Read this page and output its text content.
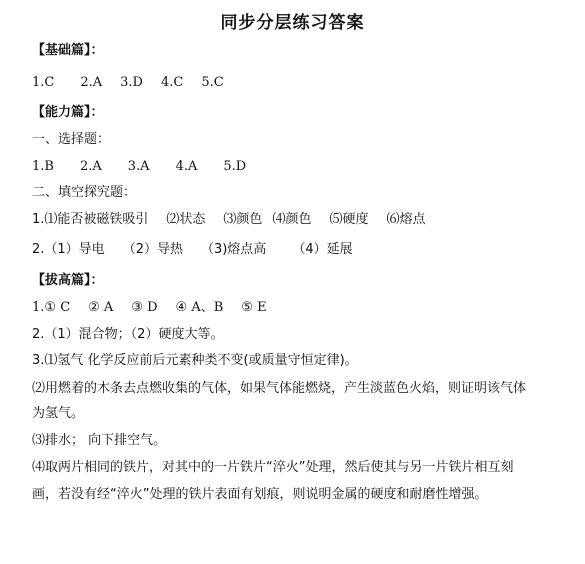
同步分层练习答案
【基础篇】：
1.C 2.A 3.D 4.C 5.C
【能力篇】：
一、选择题：
1.B 2.A 3.A 4.A 5.D
二、填空探究题：
1.⑴能否被磁铁吸引 ⑵状态 ⑶颜色 ⑷颜色 ⑸硬度 ⑹熔点
2.（1）导电 （2）导热 （3)熔点高 （4）延展
【拔高篇】：
1.① C ② A ③ D ④ A、B ⑤ E
2.（1）混合物；（2）硬度大等。
3.⑴氢气 化学反应前后元素种类不变(或质量守恒定律)。
⑵用燃着的木条去点燃收集的气体，如果气体能燃烧，产生淡蓝色火焰，则证明该气体
为氢气。
⑶排水； 向下排空气。
⑷取两片相同的铁片，对其中的一片铁片“淬火”处理，然后使其与另一片铁片相互刻
画，若没有经“淬火”处理的铁片表面有划痕，则说明金属的硬度和耐磨性增强。
